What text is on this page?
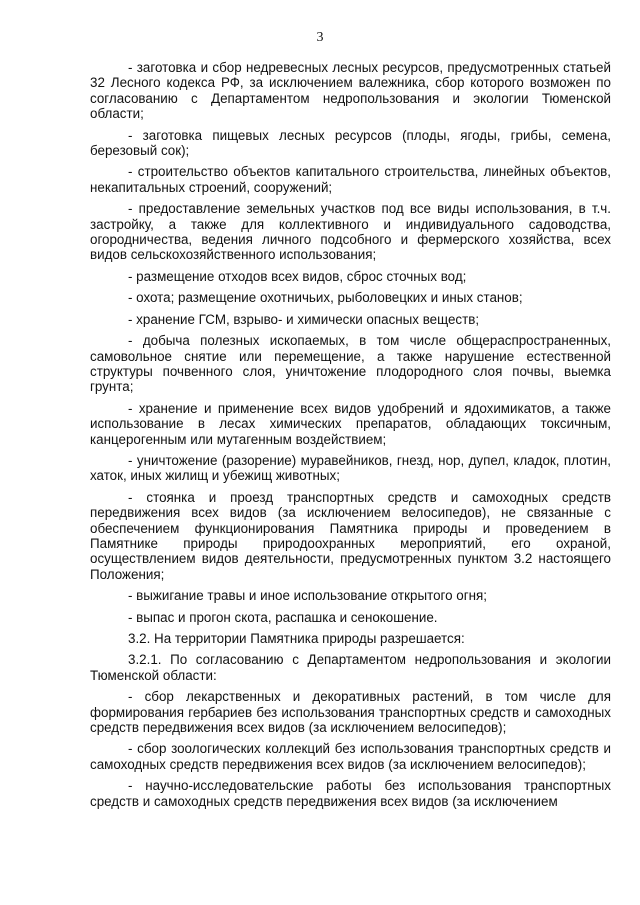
3

- заготовка и сбор недревесных лесных ресурсов, предусмотренных статьей 32 Лесного кодекса РФ, за исключением валежника, сбор которого возможен по согласованию с Департаментом недропользования и экологии Тюменской области;

- заготовка пищевых лесных ресурсов (плоды, ягоды, грибы, семена, березовый сок);

- строительство объектов капитального строительства, линейных объектов, некапитальных строений, сооружений;

- предоставление земельных участков под все виды использования, в т.ч. застройку, а также для коллективного и индивидуального садоводства, огородничества, ведения личного подсобного и фермерского хозяйства, всех видов сельскохозяйственного использования;

- размещение отходов всех видов, сброс сточных вод;

- охота; размещение охотничьих, рыболовецких и иных станов;

- хранение ГСМ, взрыво- и химически опасных веществ;

- добыча полезных ископаемых, в том числе общераспространенных, самовольное снятие или перемещение, а также нарушение естественной структуры почвенного слоя, уничтожение плодородного слоя почвы, выемка грунта;

- хранение и применение всех видов удобрений и ядохимикатов, а также использование в лесах химических препаратов, обладающих токсичным, канцерогенным или мутагенным воздействием;

- уничтожение (разорение) муравейников, гнезд, нор, дупел, кладок, плотин, хаток, иных жилищ и убежищ животных;

- стоянка и проезд транспортных средств и самоходных средств передвижения всех видов (за исключением велосипедов), не связанные с обеспечением функционирования Памятника природы и проведением в Памятнике природы природоохранных мероприятий, его охраной, осуществлением видов деятельности, предусмотренных пунктом 3.2 настоящего Положения;

- выжигание травы и иное использование открытого огня;

- выпас и прогон скота, распашка и сенокошение.

3.2. На территории Памятника природы разрешается:

3.2.1. По согласованию с Департаментом недропользования и экологии Тюменской области:

- сбор лекарственных и декоративных растений, в том числе для формирования гербариев без использования транспортных средств и самоходных средств передвижения всех видов (за исключением велосипедов);

- сбор зоологических коллекций без использования транспортных средств и самоходных средств передвижения всех видов (за исключением велосипедов);

- научно-исследовательские работы без использования транспортных средств и самоходных средств передвижения всех видов (за исключением
